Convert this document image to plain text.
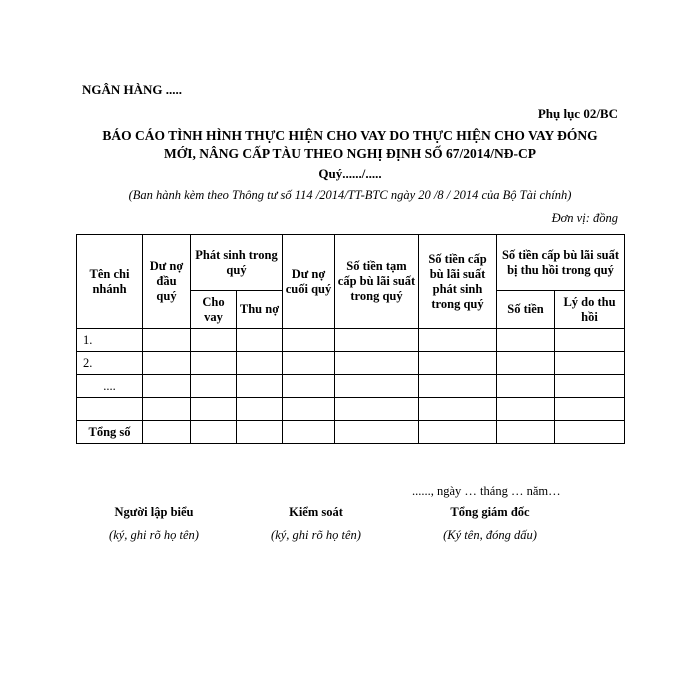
NGÂN HÀNG .....
Phụ lục 02/BC
BÁO CÁO TÌNH HÌNH THỰC HIỆN CHO VAY DO THỰC HIỆN CHO VAY ĐÓNG
MỚI, NÂNG CẤP TÀU THEO NGHỊ ĐỊNH SỐ 67/2014/NĐ-CP
Quý....../.....
(Ban hành kèm theo Thông tư số 114 /2014/TT-BTC ngày 20 /8 / 2014 của Bộ Tài chính)
Đơn vị: đồng
Tên chi nhánh	Dư nợ đầu quý	Phát sinh trong quý		Dư nợ cuối quý	Số tiền tạm cấp bù lãi suất trong quý	Số tiền cấp bù lãi suất phát sinh trong quý	Số tiền cấp bù lãi suất bị thu hồi trong quý	
		Cho vay	Thu nợ				Số tiền	Lý do thu hồi
1.								
2.								
....								

Tổng số								
......, ngày … tháng … năm…
Người lập biểu
(ký, ghi rõ họ tên)
Kiểm soát
(ký, ghi rõ họ tên)
Tổng giám đốc
(Ký tên, đóng dấu)
